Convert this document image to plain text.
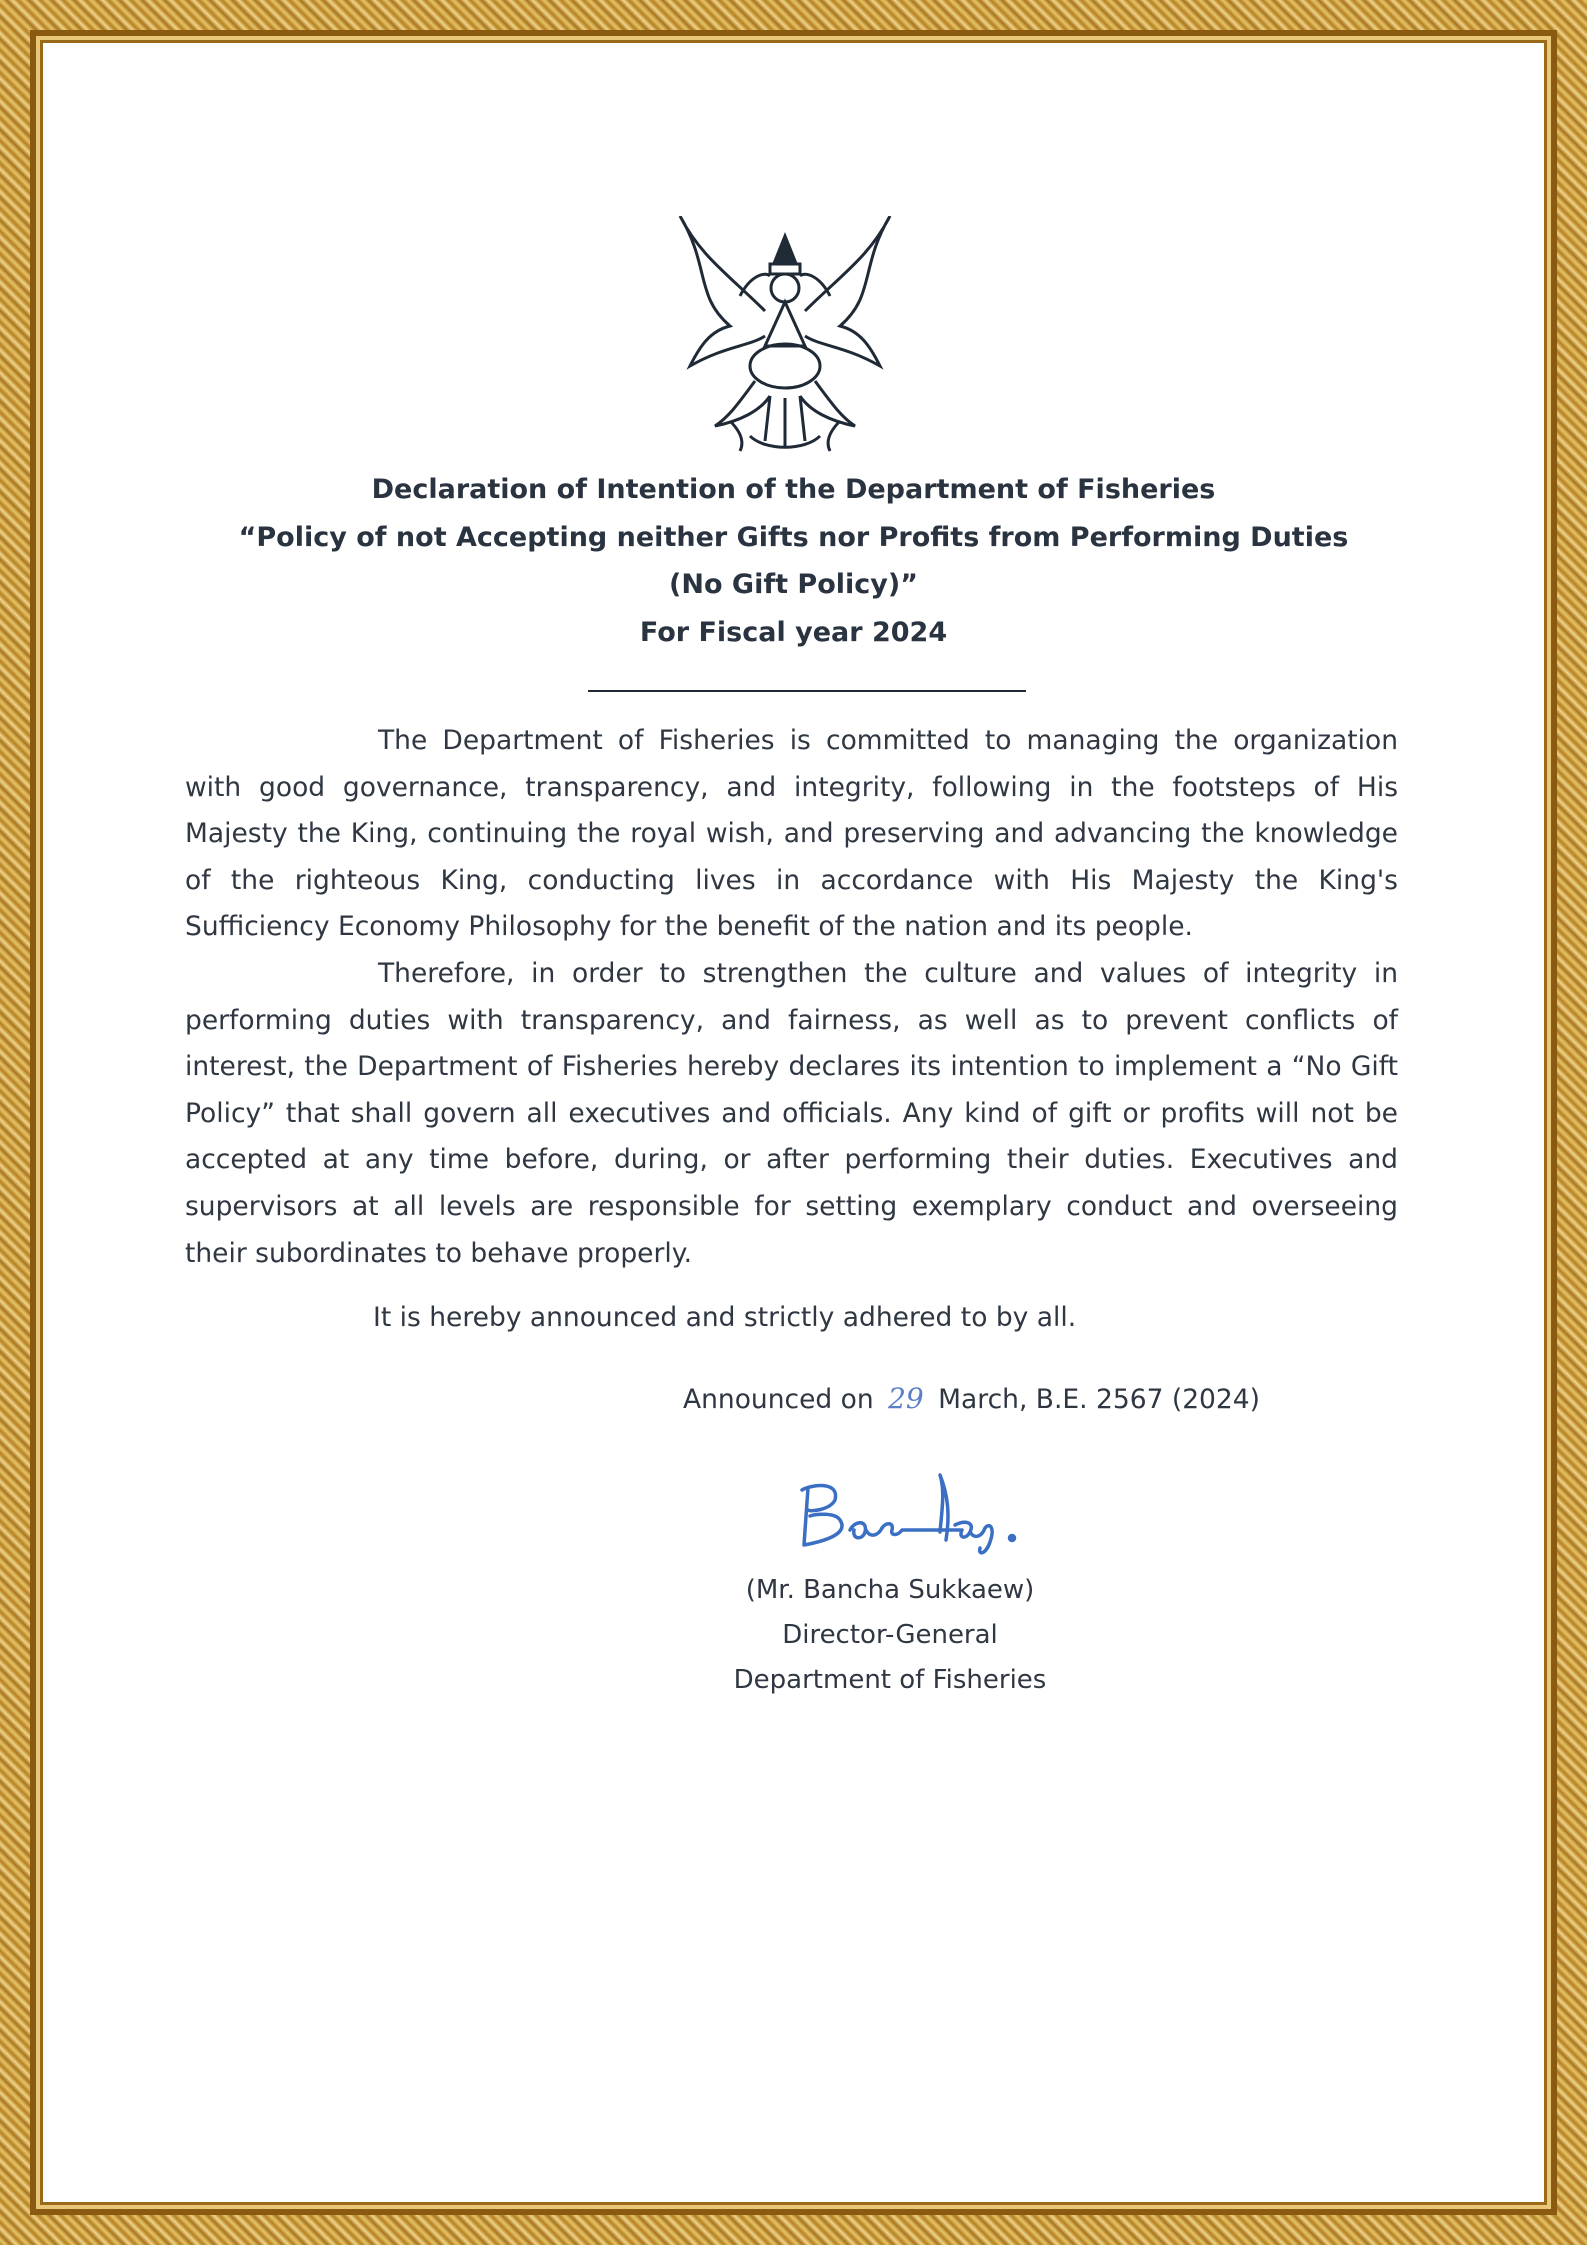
Declaration of Intention of the Department of Fisheries
“Policy of not Accepting neither Gifts nor Profits from Performing Duties
(No Gift Policy)”
For Fiscal year 2024

The Department of Fisheries is committed to managing the organization with good governance, transparency, and integrity, following in the footsteps of His Majesty the King, continuing the royal wish, and preserving and advancing the knowledge of the righteous King, conducting lives in accordance with His Majesty the King's Sufficiency Economy Philosophy for the benefit of the nation and its people.

Therefore, in order to strengthen the culture and values of integrity in performing duties with transparency, and fairness, as well as to prevent conflicts of interest, the Department of Fisheries hereby declares its intention to implement a “No Gift Policy” that shall govern all executives and officials. Any kind of gift or profits will not be accepted at any time before, during, or after performing their duties. Executives and supervisors at all levels are responsible for setting exemplary conduct and overseeing their subordinates to behave properly.

It is hereby announced and strictly adhered to by all.
Announced on 29 March, B.E. 2567 (2024)
(Mr. Bancha Sukkaew)
Director-General
Department of Fisheries
